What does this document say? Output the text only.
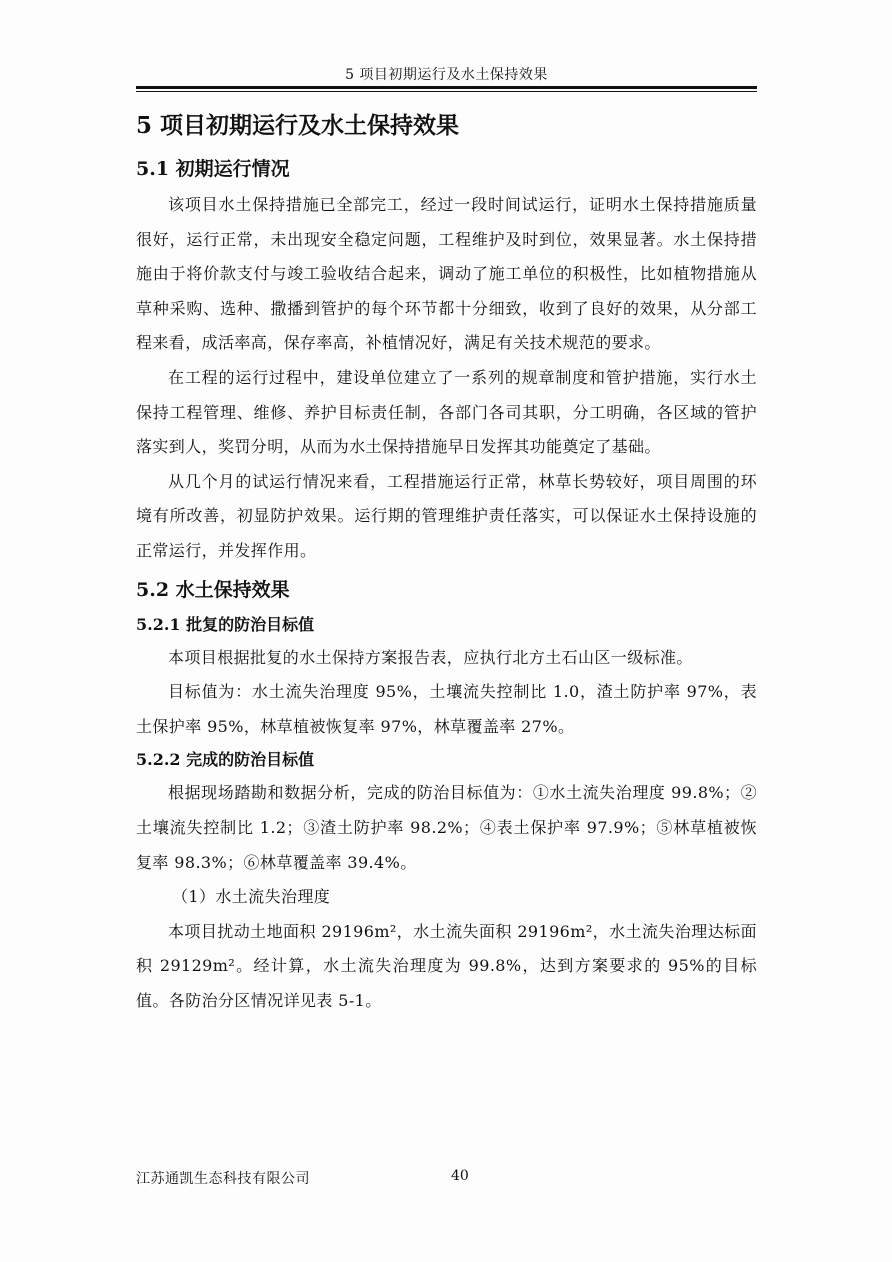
5 项目初期运行及水土保持效果
5 项目初期运行及水土保持效果
5.1 初期运行情况

该项目水土保持措施已全部完工，经过一段时间试运行，证明水土保持措施质量很好，运行正常，未出现安全稳定问题，工程维护及时到位，效果显著。水土保持措施由于将价款支付与竣工验收结合起来，调动了施工单位的积极性，比如植物措施从草种采购、选种、撒播到管护的每个环节都十分细致，收到了良好的效果，从分部工程来看，成活率高，保存率高，补植情况好，满足有关技术规范的要求。

在工程的运行过程中，建设单位建立了一系列的规章制度和管护措施，实行水土保持工程管理、维修、养护目标责任制，各部门各司其职，分工明确，各区域的管护落实到人，奖罚分明，从而为水土保持措施早日发挥其功能奠定了基础。

从几个月的试运行情况来看，工程措施运行正常，林草长势较好，项目周围的环境有所改善，初显防护效果。运行期的管理维护责任落实，可以保证水土保持设施的正常运行，并发挥作用。

5.2 水土保持效果
5.2.1 批复的防治目标值

本项目根据批复的水土保持方案报告表，应执行北方土石山区一级标准。

目标值为：水土流失治理度 95%，土壤流失控制比 1.0，渣土防护率 97%，表土保护率 95%，林草植被恢复率 97%，林草覆盖率 27%。

5.2.2 完成的防治目标值

根据现场踏勘和数据分析，完成的防治目标值为：①水土流失治理度 99.8%；②土壤流失控制比 1.2；③渣土防护率 98.2%；④表土保护率 97.9%；⑤林草植被恢复率 98.3%；⑥林草覆盖率 39.4%。

（1）水土流失治理度

本项目扰动土地面积 29196m²，水土流失面积 29196m²，水土流失治理达标面积 29129m²。经计算，水土流失治理度为 99.8%，达到方案要求的 95%的目标值。各防治分区情况详见表 5-1。

江苏通凯生态科技有限公司	40
